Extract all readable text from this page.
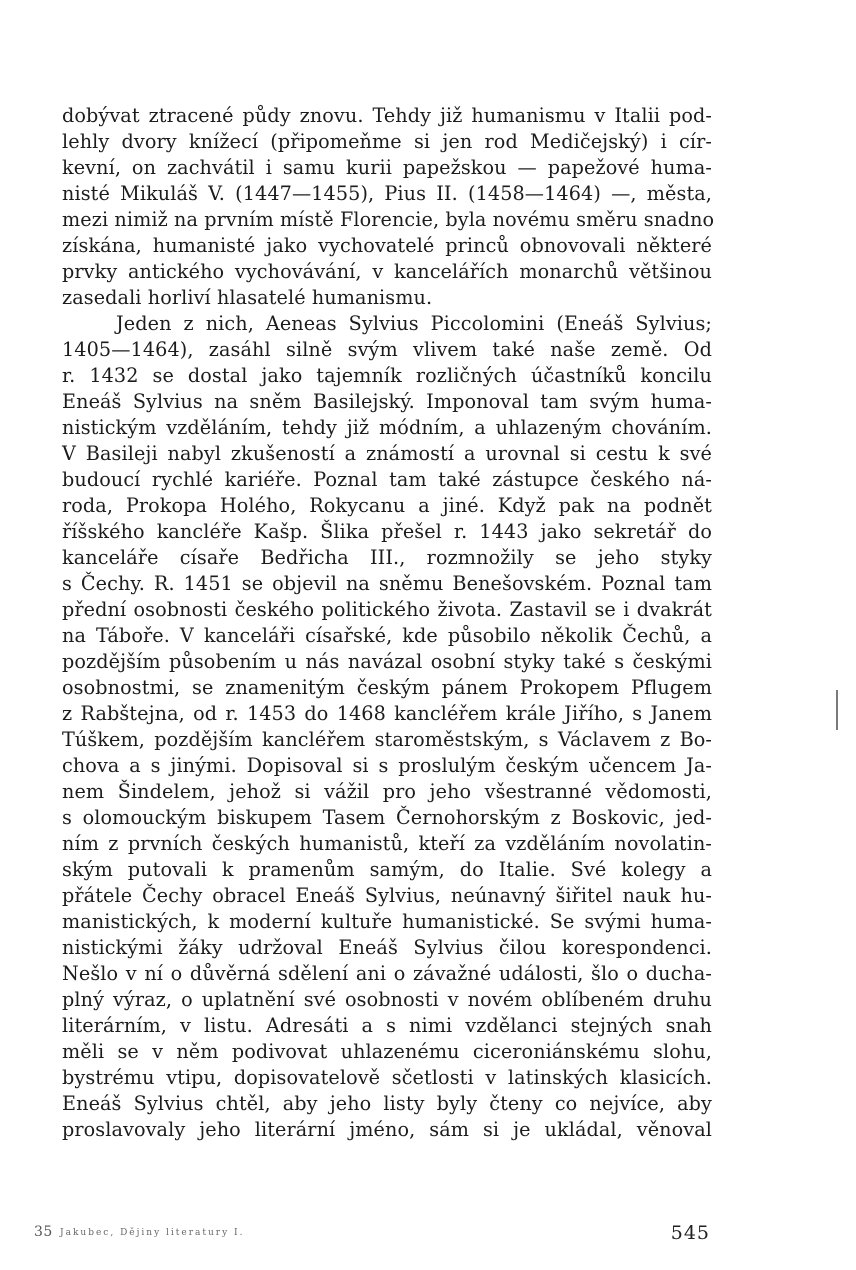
dobývat ztracené půdy znovu. Tehdy již humanismu v Italii pod-
lehly dvory knížecí (připomeňme si jen rod Medičejský) i cír-
kevní, on zachvátil i samu kurii papežskou — papežové huma-
nisté Mikuláš V. (1447—1455), Pius II. (1458—1464) —, města,
mezi nimiž na prvním místě Florencie, byla novému směru snadno
získána, humanisté jako vychovatelé princů obnovovali některé
prvky antického vychovávání, v kancelářích monarchů většinou
zasedali horliví hlasatelé humanismu.
Jeden z nich, Aeneas Sylvius Piccolomini (Eneáš Sylvius;
1405—1464), zasáhl silně svým vlivem také naše země. Od
r. 1432 se dostal jako tajemník rozličných účastníků koncilu
Eneáš Sylvius na sněm Basilejský. Imponoval tam svým huma-
nistickým vzděláním, tehdy již módním, a uhlazeným chováním.
V Basileji nabyl zkušeností a známostí a urovnal si cestu k své
budoucí rychlé kariéře. Poznal tam také zástupce českého ná-
roda, Prokopa Holého, Rokycanu a jiné. Když pak na podnět
říšského kancléře Kašp. Šlika přešel r. 1443 jako sekretář do
kanceláře císaře Bedřicha III., rozmnožily se jeho styky
s Čechy. R. 1451 se objevil na sněmu Benešovském. Poznal tam
přední osobnosti českého politického života. Zastavil se i dvakrát
na Táboře. V kanceláři císařské, kde působilo několik Čechů, a
pozdějším působením u nás navázal osobní styky také s českými
osobnostmi, se znamenitým českým pánem Prokopem Pflugem
z Rabštejna, od r. 1453 do 1468 kancléřem krále Jiřího, s Janem
Túškem, pozdějším kancléřem staroměstským, s Václavem z Bo-
chova a s jinými. Dopisoval si s proslulým českým učencem Ja-
nem Šindelem, jehož si vážil pro jeho všestranné vědomosti,
s olomouckým biskupem Tasem Černohorským z Boskovic, jed-
ním z prvních českých humanistů, kteří za vzděláním novolatin-
ským putovali k pramenům samým, do Italie. Své kolegy a
přátele Čechy obracel Eneáš Sylvius, neúnavný šiřitel nauk hu-
manistických, k moderní kultuře humanistické. Se svými huma-
nistickými žáky udržoval Eneáš Sylvius čilou korespondenci.
Nešlo v ní o důvěrná sdělení ani o závažné události, šlo o ducha-
plný výraz, o uplatnění své osobnosti v novém oblíbeném druhu
literárním, v listu. Adresáti a s nimi vzdělanci stejných snah
měli se v něm podivovat uhlazenému ciceroniánskému slohu,
bystrému vtipu, dopisovatelově sčetlosti v latinských klasicích.
Eneáš Sylvius chtěl, aby jeho listy byly čteny co nejvíce, aby
proslavovaly jeho literární jméno, sám si je ukládal, věnoval
35 Jakubec, Dějiny literatury I.	545
